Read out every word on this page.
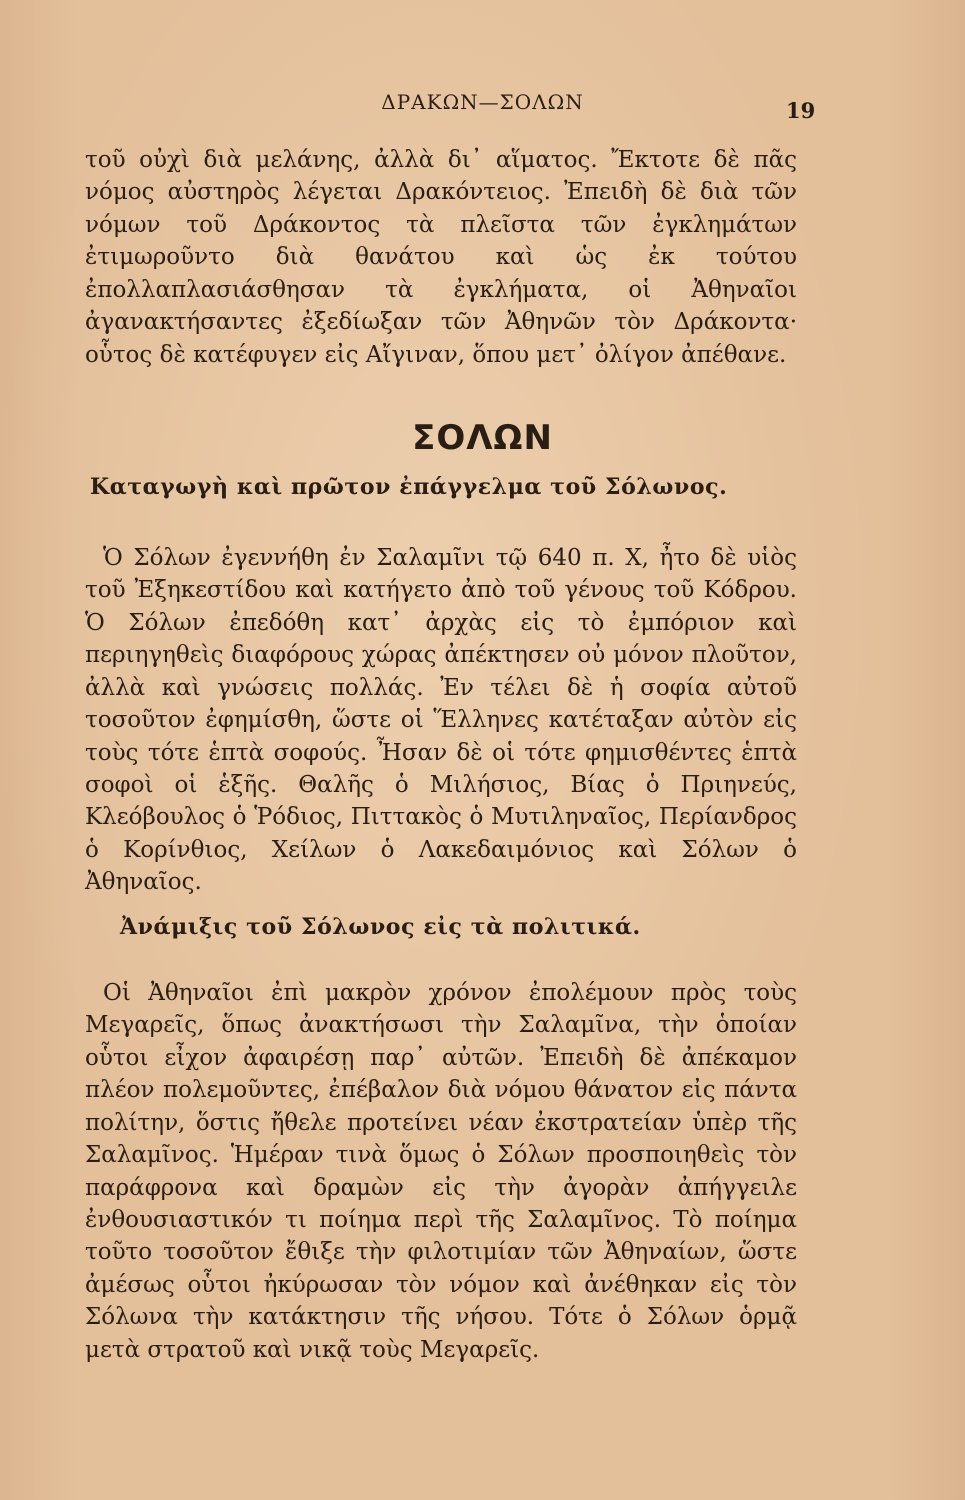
ΔΡΑΚΩΝ—ΣΟΛΩΝ	19

τοῦ οὐχὶ διὰ μελάνης, ἀλλὰ δι᾽ αἵματος. Ἔκτοτε δὲ πᾶς νόμος αὐστηρὸς λέγεται Δρακόντειος. Ἐπειδὴ δὲ διὰ τῶν νόμων τοῦ Δράκοντος τὰ πλεῖστα τῶν ἐγκλημάτων ἐτιμωροῦντο διὰ θανάτου καὶ ὡς ἐκ τούτου ἐπολλαπλασιάσθησαν τὰ ἐγκλήματα, οἱ Ἀθηναῖοι ἀγανακτήσαντες ἐξεδίωξαν τῶν Ἀθηνῶν τὸν Δράκοντα· οὗτος δὲ κατέφυγεν εἰς Αἴγιναν, ὅπου μετ᾽ ὀλίγον ἀπέθανε.

ΣΟΛΩΝ
Καταγωγὴ καὶ πρῶτον ἐπάγγελμα τοῦ Σόλωνος.

Ὁ Σόλων ἐγεννήθη ἐν Σαλαμῖνι τῷ 640 π. Χ, ἦτο δὲ υἱὸς τοῦ Ἐξηκεστίδου καὶ κατήγετο ἀπὸ τοῦ γένους τοῦ Κόδρου. Ὁ Σόλων ἐπεδόθη κατ᾽ ἀρχὰς εἰς τὸ ἐμπόριον καὶ περιηγηθεὶς διαφόρους χώρας ἀπέκτησεν οὐ μόνον πλοῦτον, ἀλλὰ καὶ γνώσεις πολλάς. Ἐν τέλει δὲ ἡ σοφία αὐτοῦ τοσοῦτον ἐφημίσθη, ὥστε οἱ Ἕλληνες κατέταξαν αὐτὸν εἰς τοὺς τότε ἑπτὰ σοφούς. Ἦσαν δὲ οἱ τότε φημισθέντες ἑπτὰ σοφοὶ οἱ ἑξῆς. Θαλῆς ὁ Μιλήσιος, Βίας ὁ Πριηνεύς, Κλεόβουλος ὁ Ῥόδιος, Πιττακὸς ὁ Μυτιληναῖος, Περίανδρος ὁ Κορίνθιος, Χείλων ὁ Λακεδαιμόνιος καὶ Σόλων ὁ Ἀθηναῖος.

Ἀνάμιξις τοῦ Σόλωνος εἰς τὰ πολιτικά.

Οἱ Ἀθηναῖοι ἐπὶ μακρὸν χρόνον ἐπολέμουν πρὸς τοὺς Μεγαρεῖς, ὅπως ἀνακτήσωσι τὴν Σαλαμῖνα, τὴν ὁποίαν οὗτοι εἶχον ἀφαιρέσῃ παρ᾽ αὐτῶν. Ἐπειδὴ δὲ ἀπέκαμον πλέον πολεμοῦντες, ἐπέβαλον διὰ νόμου θάνατον εἰς πάντα πολίτην, ὅστις ἤθελε προτείνει νέαν ἐκστρατείαν ὑπὲρ τῆς Σαλαμῖνος. Ἡμέραν τινὰ ὅμως ὁ Σόλων προσποιηθεὶς τὸν παράφρονα καὶ δραμὼν εἰς τὴν ἀγορὰν ἀπήγγειλε ἐνθουσιαστικόν τι ποίημα περὶ τῆς Σαλαμῖνος. Τὸ ποίημα τοῦτο τοσοῦτον ἔθιξε τὴν φιλοτιμίαν τῶν Ἀθηναίων, ὥστε ἀμέσως οὗτοι ἠκύρωσαν τὸν νόμον καὶ ἀνέθηκαν εἰς τὸν Σόλωνα τὴν κατάκτησιν τῆς νήσου. Τότε ὁ Σόλων ὁρμᾷ μετὰ στρατοῦ καὶ νικᾷ τοὺς Μεγαρεῖς.
